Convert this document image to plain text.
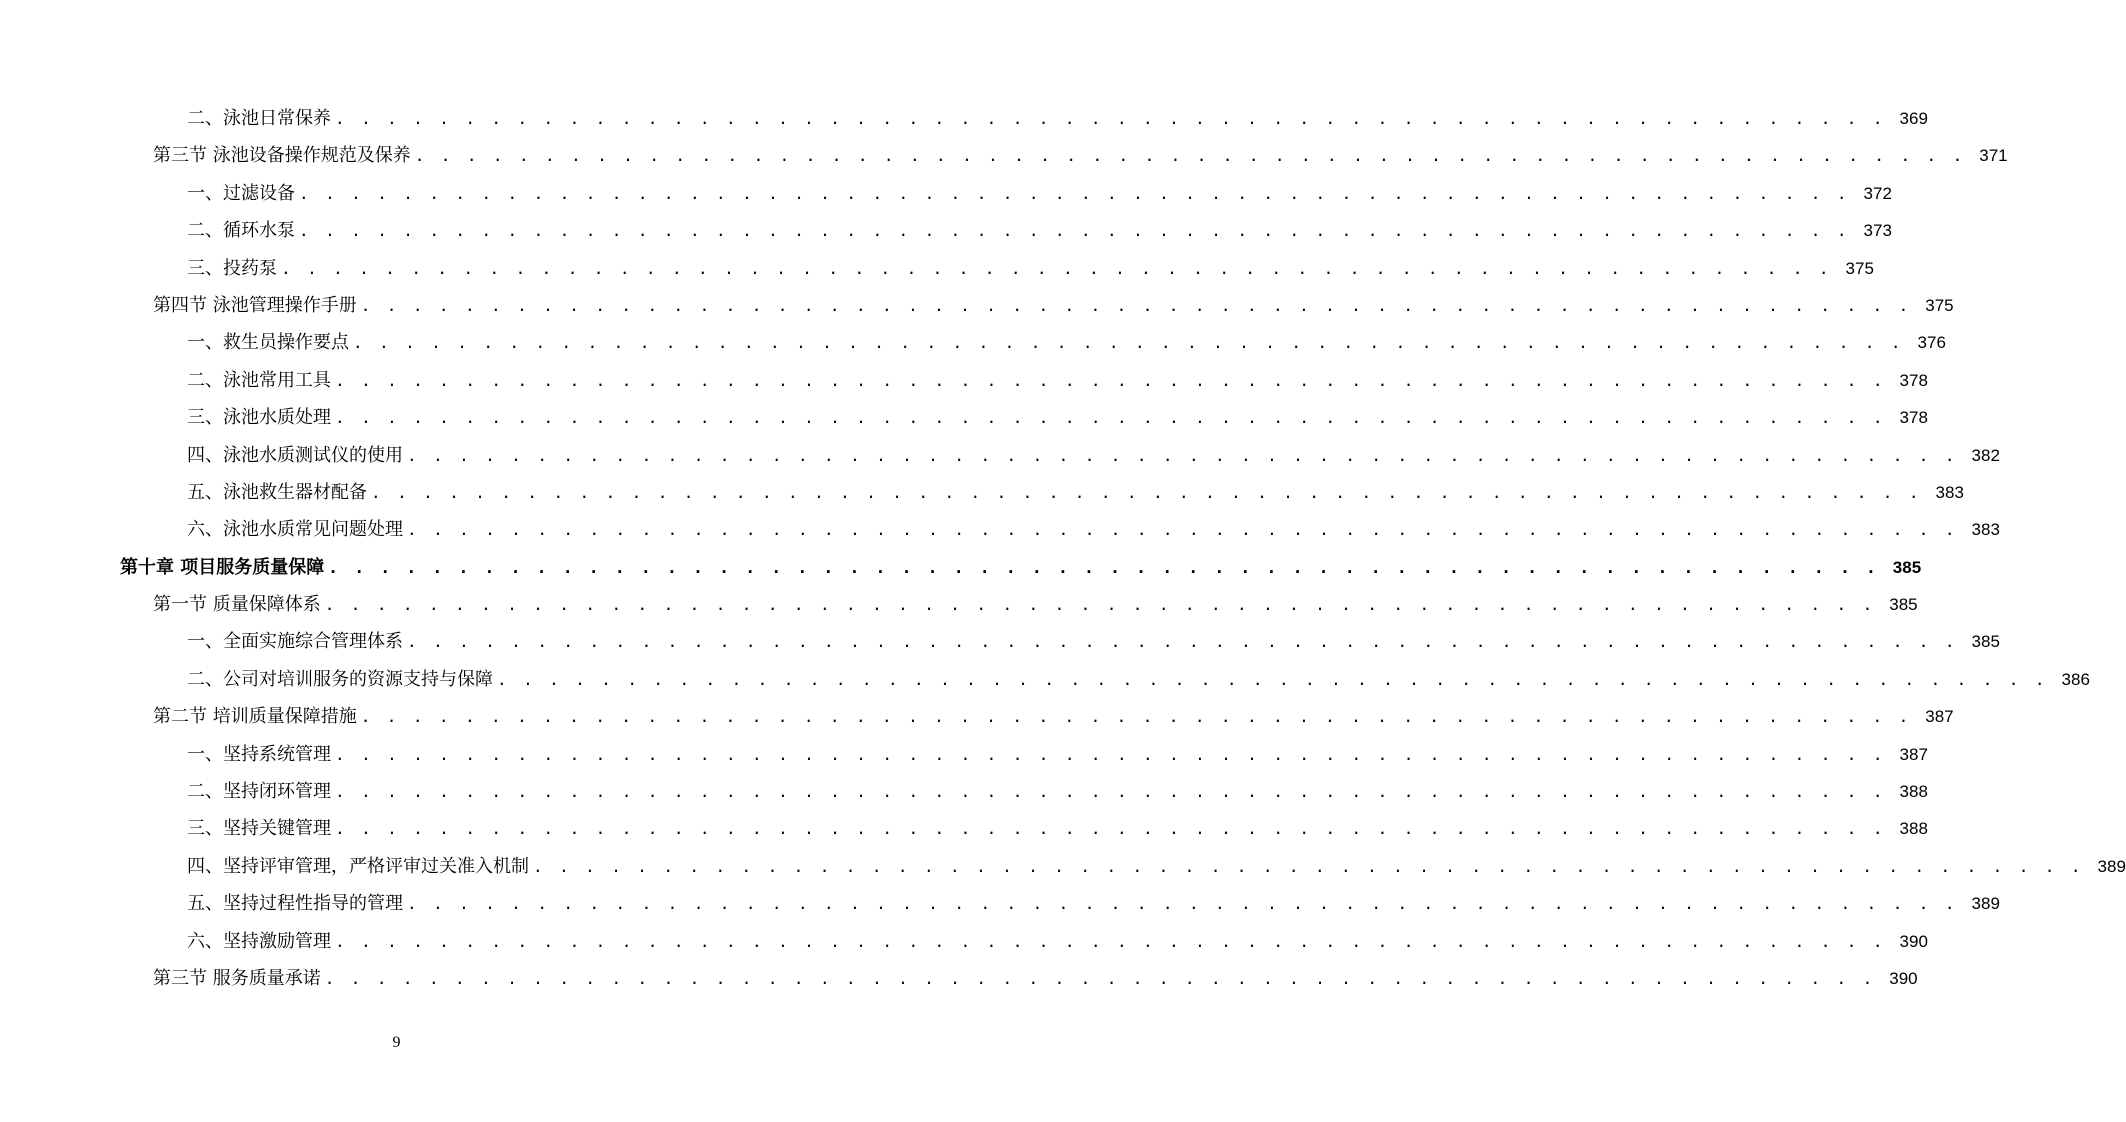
二、泳池日常保养 . . . . . . . . . . . . . . . . . . . . . . . . . . . . . . . . . . . . . . . . . . . . . . . . . . . . . . . . . . . . 369
第三节 泳池设备操作规范及保养 . . . . . . . . . . . . . . . . . . . . . . . . . . . . . . . . . . . . . . . . . . . . . . . . . . . . . . . . . . . . 371
一、过滤设备 . . . . . . . . . . . . . . . . . . . . . . . . . . . . . . . . . . . . . . . . . . . . . . . . . . . . . . . . . . . . 372
二、循环水泵 . . . . . . . . . . . . . . . . . . . . . . . . . . . . . . . . . . . . . . . . . . . . . . . . . . . . . . . . . . . . 373
三、投药泵 . . . . . . . . . . . . . . . . . . . . . . . . . . . . . . . . . . . . . . . . . . . . . . . . . . . . . . . . . . . . 375
第四节 泳池管理操作手册 . . . . . . . . . . . . . . . . . . . . . . . . . . . . . . . . . . . . . . . . . . . . . . . . . . . . . . . . . . . . 375
一、救生员操作要点 . . . . . . . . . . . . . . . . . . . . . . . . . . . . . . . . . . . . . . . . . . . . . . . . . . . . . . . . . . . . 376
二、泳池常用工具 . . . . . . . . . . . . . . . . . . . . . . . . . . . . . . . . . . . . . . . . . . . . . . . . . . . . . . . . . . . . 378
三、泳池水质处理 . . . . . . . . . . . . . . . . . . . . . . . . . . . . . . . . . . . . . . . . . . . . . . . . . . . . . . . . . . . . 378
四、泳池水质测试仪的使用 . . . . . . . . . . . . . . . . . . . . . . . . . . . . . . . . . . . . . . . . . . . . . . . . . . . . . . . . . . . . 382
五、泳池救生器材配备 . . . . . . . . . . . . . . . . . . . . . . . . . . . . . . . . . . . . . . . . . . . . . . . . . . . . . . . . . . . . 383
六、泳池水质常见问题处理 . . . . . . . . . . . . . . . . . . . . . . . . . . . . . . . . . . . . . . . . . . . . . . . . . . . . . . . . . . . . 383
第十章 项目服务质量保障 . . . . . . . . . . . . . . . . . . . . . . . . . . . . . . . . . . . . . . . . . . . . . . . . . . . . . . . . . . . . 385
第一节 质量保障体系 . . . . . . . . . . . . . . . . . . . . . . . . . . . . . . . . . . . . . . . . . . . . . . . . . . . . . . . . . . . . 385
一、全面实施综合管理体系 . . . . . . . . . . . . . . . . . . . . . . . . . . . . . . . . . . . . . . . . . . . . . . . . . . . . . . . . . . . . 385
二、公司对培训服务的资源支持与保障 . . . . . . . . . . . . . . . . . . . . . . . . . . . . . . . . . . . . . . . . . . . . . . . . . . . . . . . . . . . . 386
第二节 培训质量保障措施 . . . . . . . . . . . . . . . . . . . . . . . . . . . . . . . . . . . . . . . . . . . . . . . . . . . . . . . . . . . . 387
一、坚持系统管理 . . . . . . . . . . . . . . . . . . . . . . . . . . . . . . . . . . . . . . . . . . . . . . . . . . . . . . . . . . . . 387
二、坚持闭环管理 . . . . . . . . . . . . . . . . . . . . . . . . . . . . . . . . . . . . . . . . . . . . . . . . . . . . . . . . . . . . 388
三、坚持关键管理 . . . . . . . . . . . . . . . . . . . . . . . . . . . . . . . . . . . . . . . . . . . . . . . . . . . . . . . . . . . . 388
四、坚持评审管理，严格评审过关准入机制 . . . . . . . . . . . . . . . . . . . . . . . . . . . . . . . . . . . . . . . . . . . . . . . . . . . . . . . . . . . . 389
五、坚持过程性指导的管理 . . . . . . . . . . . . . . . . . . . . . . . . . . . . . . . . . . . . . . . . . . . . . . . . . . . . . . . . . . . . 389
六、坚持激励管理 . . . . . . . . . . . . . . . . . . . . . . . . . . . . . . . . . . . . . . . . . . . . . . . . . . . . . . . . . . . . 390
第三节 服务质量承诺 . . . . . . . . . . . . . . . . . . . . . . . . . . . . . . . . . . . . . . . . . . . . . . . . . . . . . . . . . . . . 390
9
